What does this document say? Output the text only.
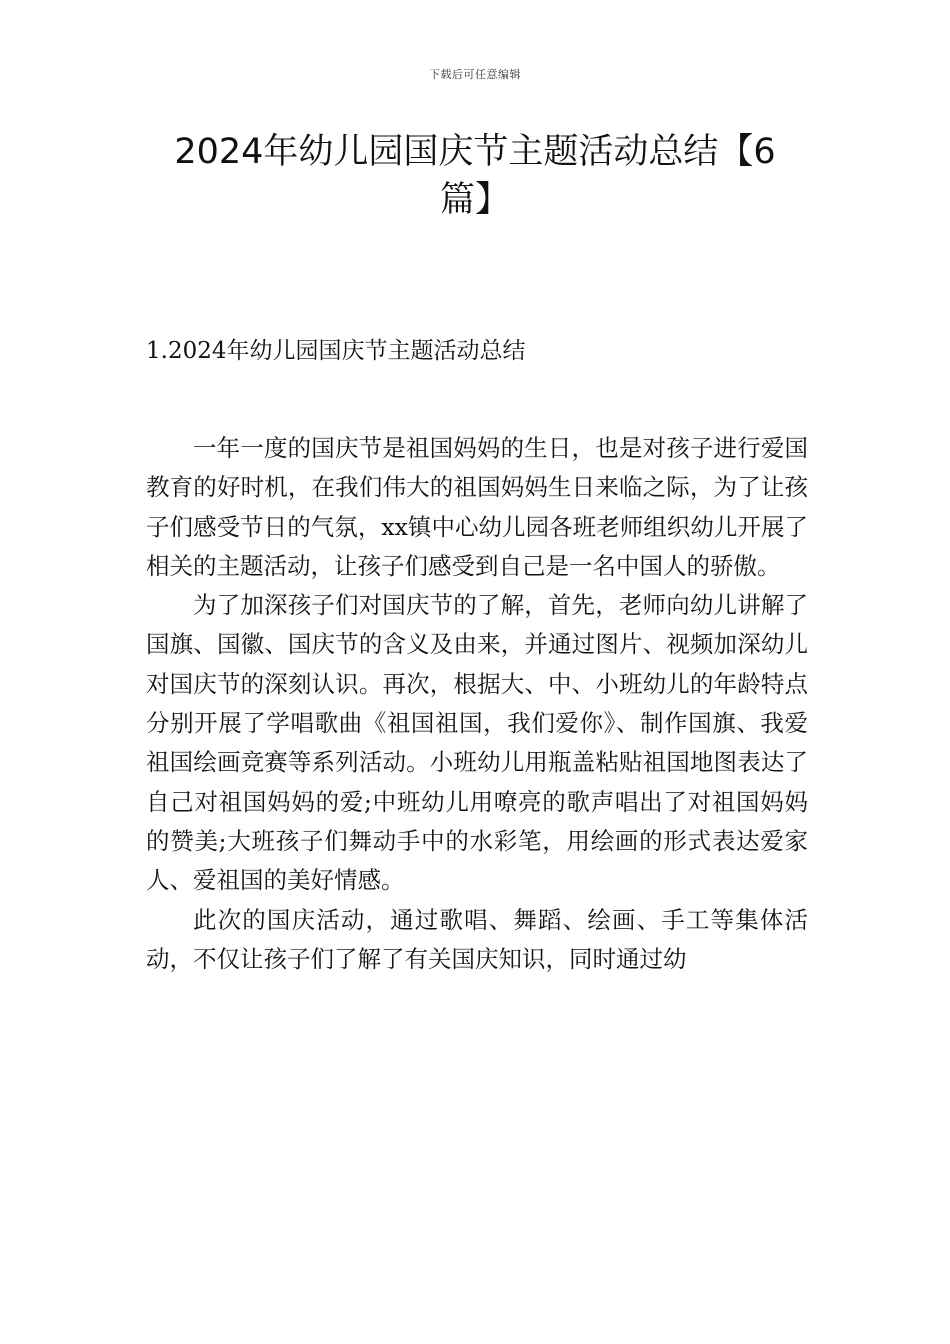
下载后可任意编辑
2024年幼儿园国庆节主题活动总结【6篇】
1.2024年幼儿园国庆节主题活动总结

一年一度的国庆节是祖国妈妈的生日，也是对孩子进行爱国教育的好时机，在我们伟大的祖国妈妈生日来临之际，为了让孩子们感受节日的气氛，xx镇中心幼儿园各班老师组织幼儿开展了相关的主题活动，让孩子们感受到自己是一名中国人的骄傲。

为了加深孩子们对国庆节的了解，首先，老师向幼儿讲解了国旗、国徽、国庆节的含义及由来，并通过图片、视频加深幼儿对国庆节的深刻认识。再次，根据大、中、小班幼儿的年龄特点分别开展了学唱歌曲《祖国祖国，我们爱你》、制作国旗、我爱祖国绘画竞赛等系列活动。小班幼儿用瓶盖粘贴祖国地图表达了自己对祖国妈妈的爱;中班幼儿用嘹亮的歌声唱出了对祖国妈妈的赞美;大班孩子们舞动手中的水彩笔，用绘画的形式表达爱家人、爱祖国的美好情感。

此次的国庆活动，通过歌唱、舞蹈、绘画、手工等集体活动，不仅让孩子们了解了有关国庆知识，同时通过幼
